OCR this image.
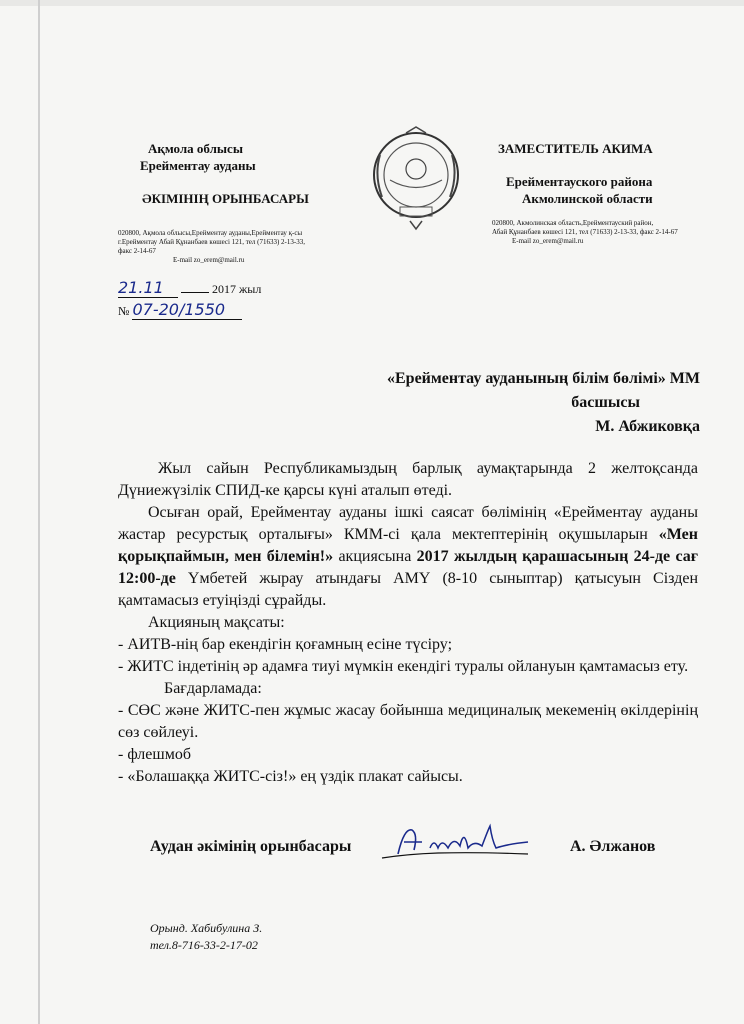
Ақмола облысы
Ерейментау ауданы
ӘКІМІНІҢ ОРЫНБАСАРЫ
020800, Ақмола облысы,Ерейментау ауданы,Ерейментау қ-сы
г.Ерейментау Абай Құнанбаев көшесі 121, тел (71633) 2-13-33, факс 2-14-67
E-mail zo_erem@mail.ru
ЗАМЕСТИТЕЛЬ АКИМА
Ерейментауского района
Акмолинской области
020800, Акмолинская область,Ерейментауский район,
Абай Құнанбаев көшесі 121, тел (71633) 2-13-33, факс 2-14-67
E-mail zo_erem@mail.ru
21.11	2017 жыл
№ 07-20/1550
«Ерейментау ауданының білім бөлімі» ММ
басшысы
М. Абжиковқа

Жыл сайын Республикамыздың барлық аумақтарында 2 желтоқсанда Дүниежүзілік СПИД-ке қарсы күні аталып өтеді.

Осыған орай, Ерейментау ауданы ішкі саясат бөлімінің «Ерейментау ауданы жастар ресурстық орталығы» КММ-сі қала мектептерінің оқушыларын «Мен қорықпаймын, мен білемін!» акциясына 2017 жылдың қарашасының 24-де сағ 12:00-де Үмбетей жырау атындағы АМҮ (8-10 сыныптар) қатысуын Сізден қамтамасыз етуіңізді сұрайды.

Акцияның мақсаты:

- АИТВ-нің бар екендігін қоғамның есіне түсіру;

- ЖИТС індетінің әр адамға тиуі мүмкін екендігі туралы ойлануын қамтамасыз ету.

Бағдарламада:

- СӨС және ЖИТС-пен жұмыс жасау бойынша медициналық мекеменің өкілдерінің сөз сөйлеуі.

- флешмоб

- «Болашаққа ЖИТС-сіз!» ең үздік плакат сайысы.

Аудан әкімінің орынбасары	А. Әлжанов
Орынд. Хабибулина З.
тел.8-716-33-2-17-02
